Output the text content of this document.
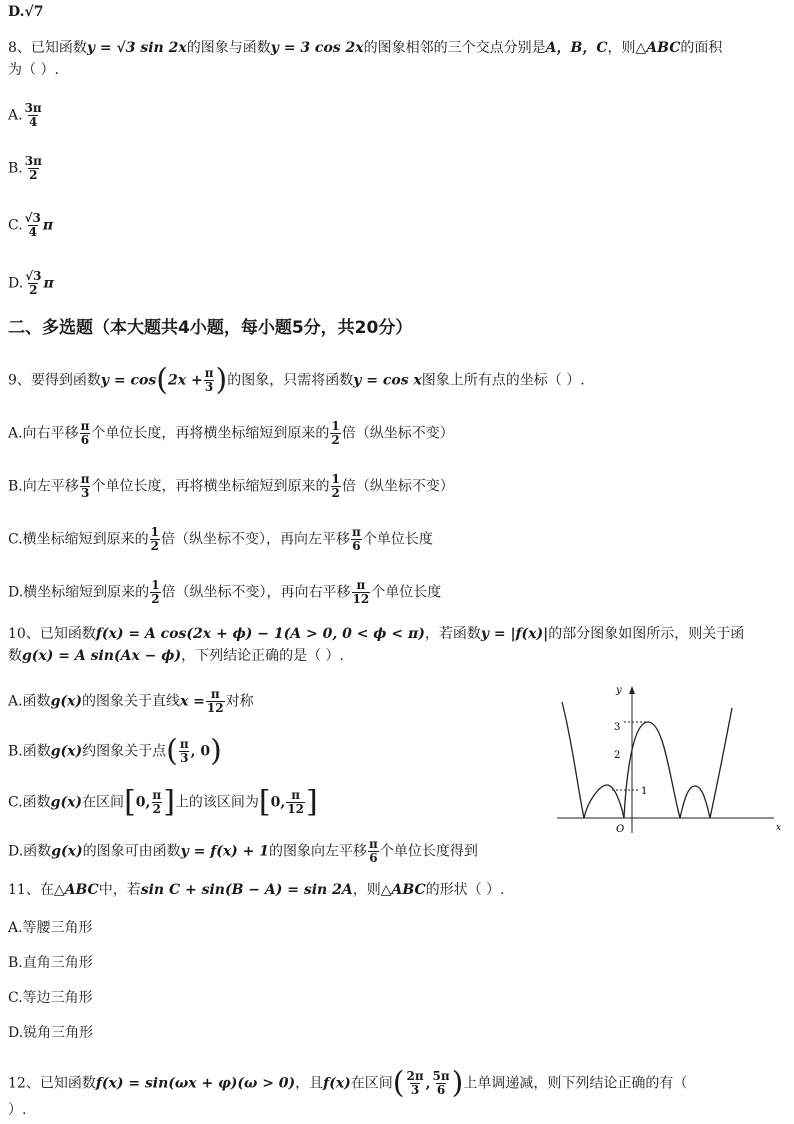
D.√7
8、已知函数y = √3 sin 2x的图象与函数y = 3 cos 2x的图象相邻的三个交点分别是A，B，C，则△ABC的面积
为（ ）.
A. $\frac{3\pi}{4}$
B. $\frac{3\pi}{2}$
C. $\frac{√3}{4}$ π
D. $\frac{√3}{2}$ π
二、多选题（本大题共4小题，每小题5分，共20分）
9、要得到函数$y = \cos(2x + \frac{\pi}{3}$ )的图象，只需将函数y = cos x图象上所有点的坐标（ ）.
A.向右平移 $\frac{\pi}{6}$ 个单位长度，再将横坐标缩短到原来的 $\frac{1}{2}$ 倍（纵坐标不变）
B.向左平移 $\frac{\pi}{3}$ 个单位长度，再将横坐标缩短到原来的 $\frac{1}{2}$ 倍（纵坐标不变）
C.横坐标缩短到原来的 $\frac{1}{2}$ 倍（纵坐标不变），再向左平移 $\frac{\pi}{6}$ 个单位长度
D.横坐标缩短到原来的 $\frac{1}{2}$ 倍（纵坐标不变），再向右平移 $\frac{\pi}{12}$ 个单位长度
10、已知函数f(x) = A cos(2x + ϕ) − 1(A > 0, 0 < ϕ < π)，若函数y = |f(x)|的部分图象如图所示，则关于函
数g(x) = A sin(Ax − ϕ)，下列结论正确的是（ ）.
A.函数g(x)的图象关于直线$x = \frac{\pi}{12}$ 对称
B.函数g(x)约图象关于点( $\frac{\pi}{3}$ , 0)
C.函数g(x)在区间[0, $\frac{\pi}{2}$ ]上的该区间为[0, $\frac{\pi}{12}$ ]
D.函数g(x)的图象可由函数y = f(x) + 1的图象向左平移 $\frac{\pi}{6}$ 个单位长度得到
y
x
O
3
2
1
11、在△ABC中，若sin C + sin(B − A) = sin 2A，则△ABC的形状（ ）.
A.等腰三角形
B.直角三角形
C.等边三角形
D.锐角三角形
12、已知函数f(x) = sin(ωx + φ)(ω > 0)，且f(x)在区间( $\frac{2\pi}{3}$ , $\frac{5\pi}{6}$ )上单调递减，则下列结论正确的有（
）.
